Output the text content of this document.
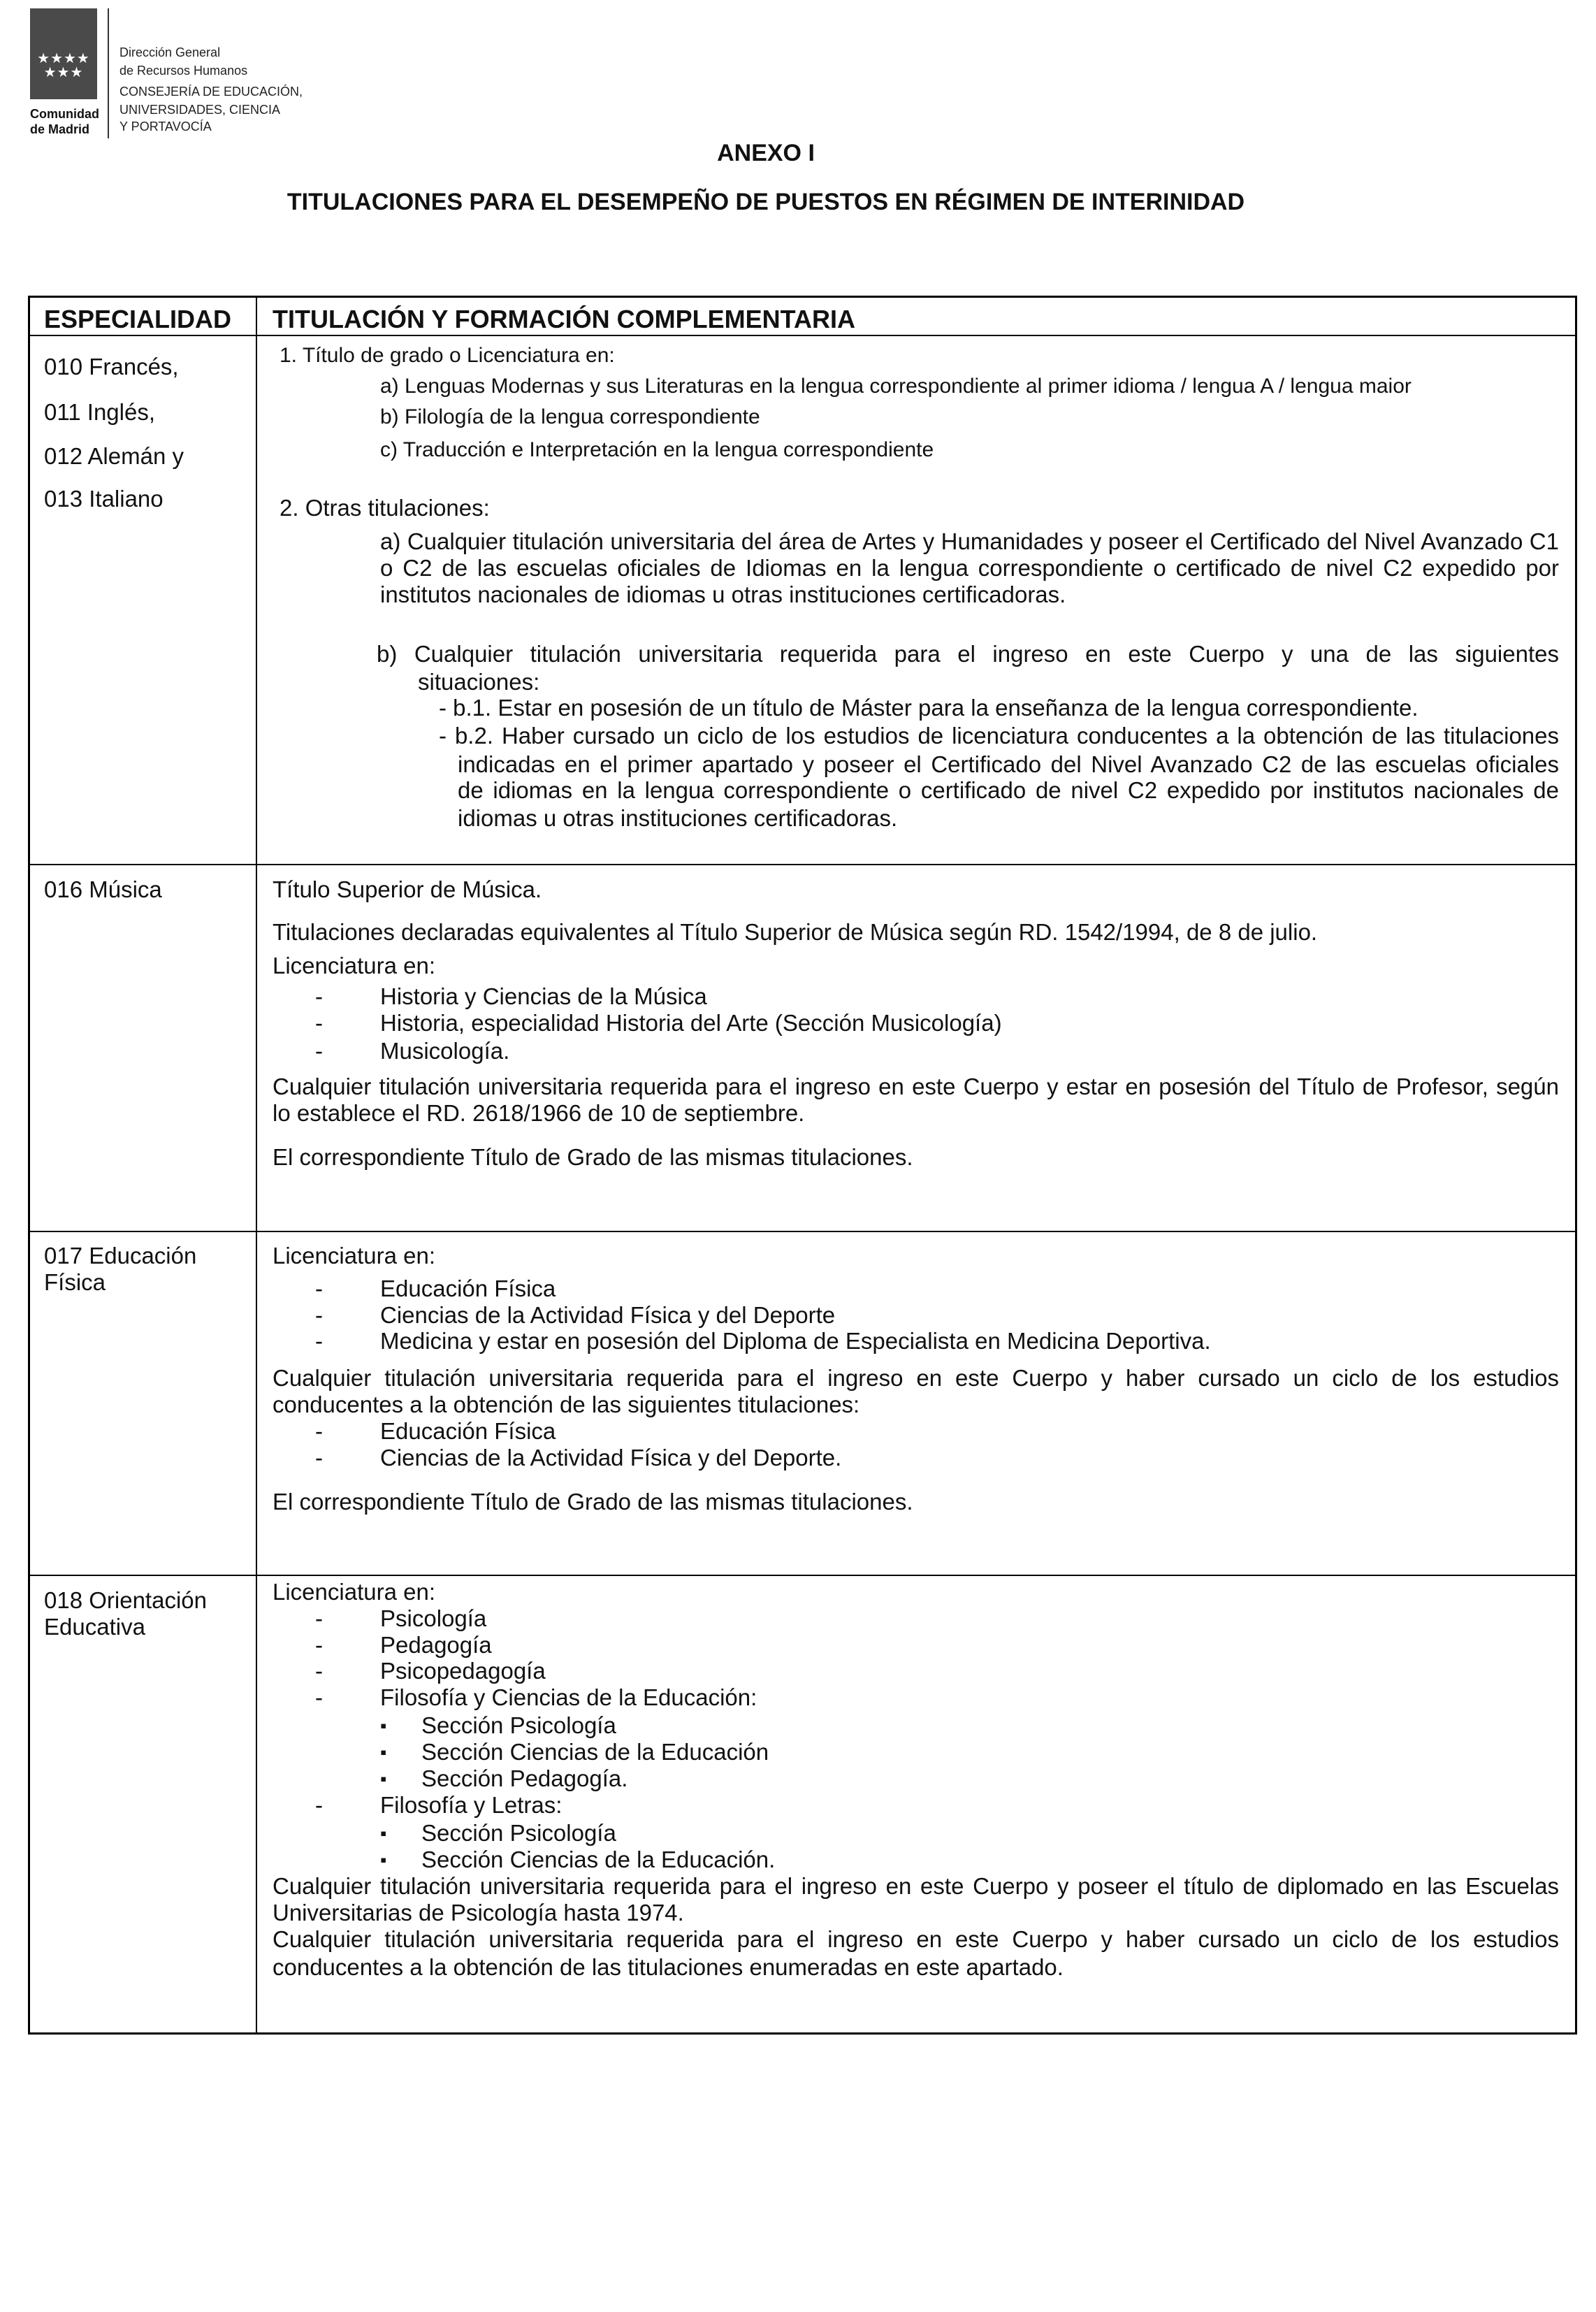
★★★★
★★★
Comunidad
de Madrid
Dirección General
de Recursos Humanos
CONSEJERÍA DE EDUCACIÓN,
UNIVERSIDADES, CIENCIA
Y PORTAVOCÍA
ANEXO I
TITULACIONES PARA EL DESEMPEÑO DE PUESTOS EN RÉGIMEN DE INTERINIDAD
ESPECIALIDAD TITULACIÓN Y FORMACIÓN COMPLEMENTARIA
010 Francés,
011 Inglés,
012 Alemán y
013 Italiano
1. Título de grado o Licenciatura en:
a) Lenguas Modernas y sus Literaturas en la lengua correspondiente al primer idioma / lengua A / lengua maior
b) Filología de la lengua correspondiente
c) Traducción e Interpretación en la lengua correspondiente
2. Otras titulaciones:
a) Cualquier titulación universitaria del área de Artes y Humanidades y poseer el Certificado del Nivel Avanzado C1
o C2 de las escuelas oficiales de Idiomas en la lengua correspondiente o certificado de nivel C2 expedido por
institutos nacionales de idiomas u otras instituciones certificadoras.
b) Cualquier titulación universitaria requerida para el ingreso en este Cuerpo y una de las siguientes
situaciones:
- b.1. Estar en posesión de un título de Máster para la enseñanza de la lengua correspondiente.
- b.2. Haber cursado un ciclo de los estudios de licenciatura conducentes a la obtención de las titulaciones
indicadas en el primer apartado y poseer el Certificado del Nivel Avanzado C2 de las escuelas oficiales
de idiomas en la lengua correspondiente o certificado de nivel C2 expedido por institutos nacionales de
idiomas u otras instituciones certificadoras.
016 Música	Título Superior de Música.
Titulaciones declaradas equivalentes al Título Superior de Música según RD. 1542/1994, de 8 de julio.
Licenciatura en:
- Historia y Ciencias de la Música
- Historia, especialidad Historia del Arte (Sección Musicología)
- Musicología.
Cualquier titulación universitaria requerida para el ingreso en este Cuerpo y estar en posesión del Título de Profesor, según
lo establece el RD. 2618/1966 de 10 de septiembre.
El correspondiente Título de Grado de las mismas titulaciones.
017 Educación
Física
Licenciatura en:
- Educación Física
- Ciencias de la Actividad Física y del Deporte
- Medicina y estar en posesión del Diploma de Especialista en Medicina Deportiva.
Cualquier titulación universitaria requerida para el ingreso en este Cuerpo y haber cursado un ciclo de los estudios
conducentes a la obtención de las siguientes titulaciones:
- Educación Física
- Ciencias de la Actividad Física y del Deporte.
El correspondiente Título de Grado de las mismas titulaciones.
018 Orientación
Educativa
Licenciatura en:
- Psicología
- Pedagogía
- Psicopedagogía
- Filosofía y Ciencias de la Educación:
▪ Sección Psicología
▪ Sección Ciencias de la Educación
▪ Sección Pedagogía.
- Filosofía y Letras:
▪ Sección Psicología
▪ Sección Ciencias de la Educación.
Cualquier titulación universitaria requerida para el ingreso en este Cuerpo y poseer el título de diplomado en las Escuelas
Universitarias de Psicología hasta 1974.
Cualquier titulación universitaria requerida para el ingreso en este Cuerpo y haber cursado un ciclo de los estudios
conducentes a la obtención de las titulaciones enumeradas en este apartado.
